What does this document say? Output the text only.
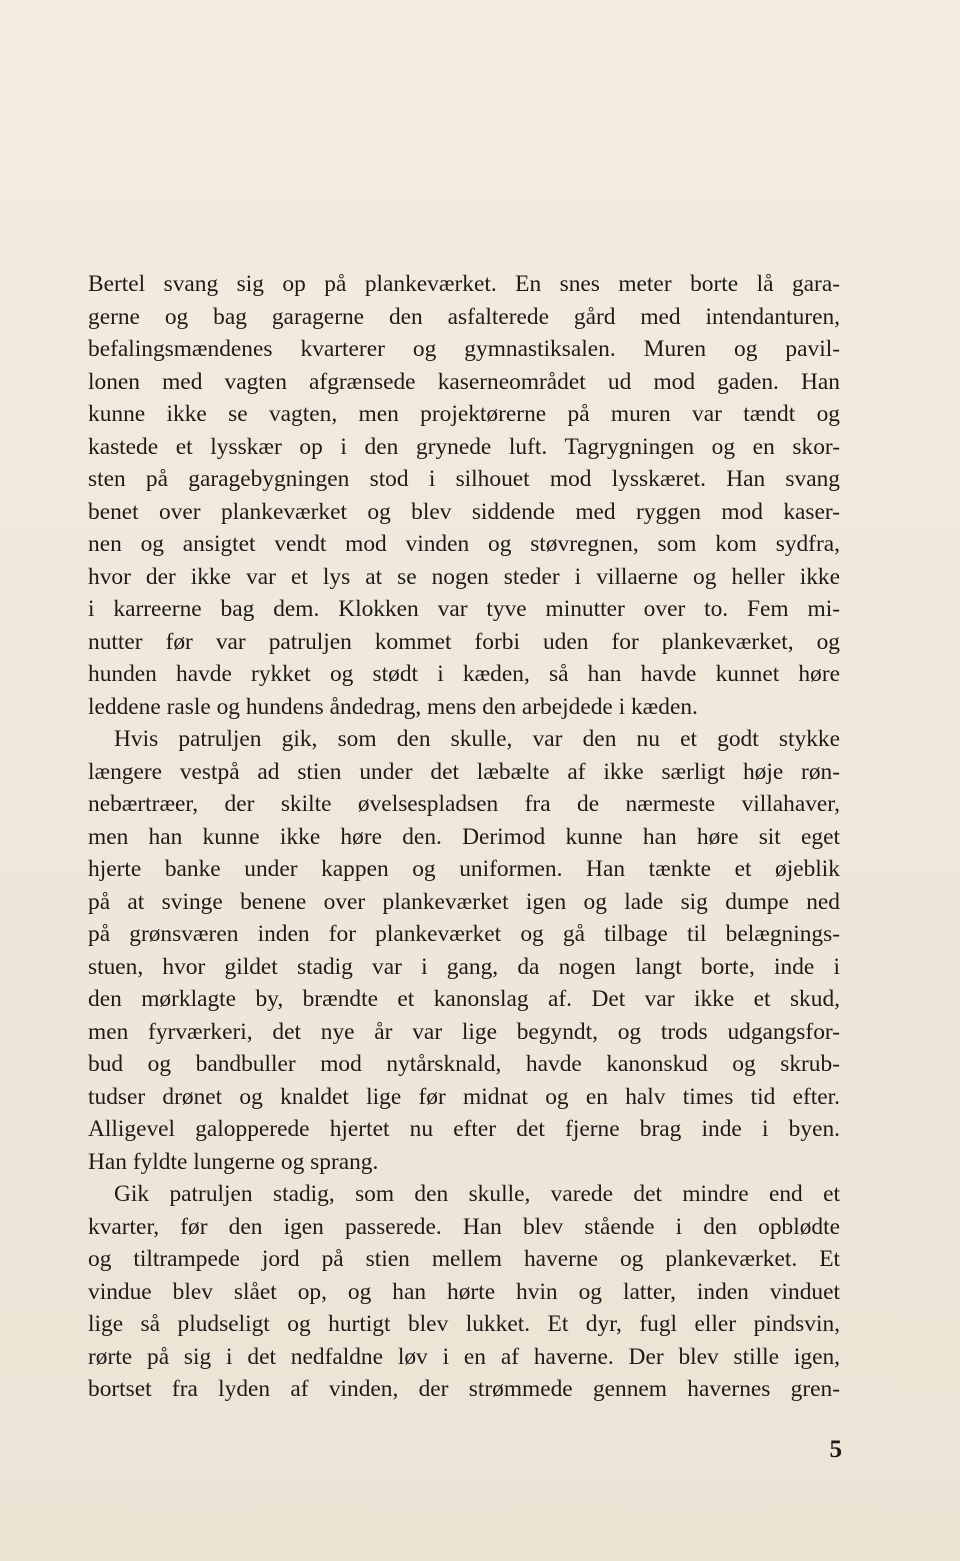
Bertel svang sig op på plankeværket. En snes meter borte lå gara-
gerne og bag garagerne den asfalterede gård med intendanturen,
befalingsmændenes kvarterer og gymnastiksalen. Muren og pavil-
lonen med vagten afgrænsede kaserneområdet ud mod gaden. Han
kunne ikke se vagten, men projektørerne på muren var tændt og
kastede et lysskær op i den grynede luft. Tagrygningen og en skor-
sten på garagebygningen stod i silhouet mod lysskæret. Han svang
benet over plankeværket og blev siddende med ryggen mod kaser-
nen og ansigtet vendt mod vinden og støvregnen, som kom sydfra,
hvor der ikke var et lys at se nogen steder i villaerne og heller ikke
i karreerne bag dem. Klokken var tyve minutter over to. Fem mi-
nutter før var patruljen kommet forbi uden for plankeværket, og
hunden havde rykket og stødt i kæden, så han havde kunnet høre
leddene rasle og hundens åndedrag, mens den arbejdede i kæden.
Hvis patruljen gik, som den skulle, var den nu et godt stykke
længere vestpå ad stien under det læbælte af ikke særligt høje røn-
nebærtræer, der skilte øvelsespladsen fra de nærmeste villahaver,
men han kunne ikke høre den. Derimod kunne han høre sit eget
hjerte banke under kappen og uniformen. Han tænkte et øjeblik
på at svinge benene over plankeværket igen og lade sig dumpe ned
på grønsværen inden for plankeværket og gå tilbage til belægnings-
stuen, hvor gildet stadig var i gang, da nogen langt borte, inde i
den mørklagte by, brændte et kanonslag af. Det var ikke et skud,
men fyrværkeri, det nye år var lige begyndt, og trods udgangsfor-
bud og bandbuller mod nytårsknald, havde kanonskud og skrub-
tudser drønet og knaldet lige før midnat og en halv times tid efter.
Alligevel galopperede hjertet nu efter det fjerne brag inde i byen.
Han fyldte lungerne og sprang.
Gik patruljen stadig, som den skulle, varede det mindre end et
kvarter, før den igen passerede. Han blev stående i den opblødte
og tiltrampede jord på stien mellem haverne og plankeværket. Et
vindue blev slået op, og han hørte hvin og latter, inden vinduet
lige så pludseligt og hurtigt blev lukket. Et dyr, fugl eller pindsvin,
rørte på sig i det nedfaldne løv i en af haverne. Der blev stille igen,
bortset fra lyden af vinden, der strømmede gennem havernes gren-
5
